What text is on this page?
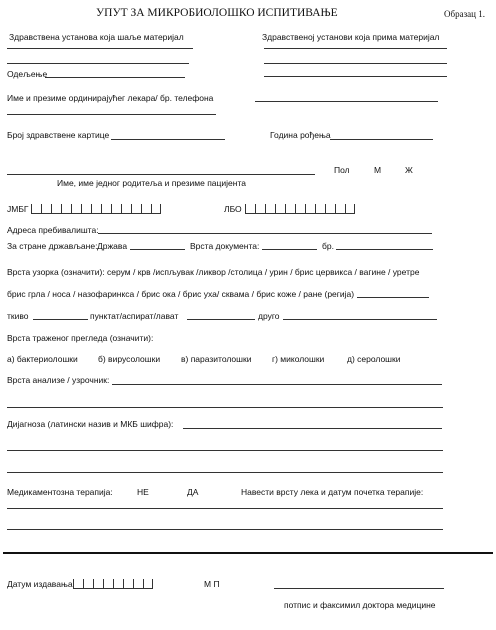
УПУТ ЗА МИКРОБИОЛОШКО ИСПИТИВАЊЕ	Образац 1.
Здравствена установа која шаље материјал	Здравственој установи која прима материјал
Одељење
Име и презиме ординирајућег лекара/ бр. телефона
Број здравствене картице	Година рођења
Име, име једног родитеља и презиме пацијента
Пол	М	Ж
ЈМБГ	ЛБО
Адреса пребивалишта:
За стране држављане: Држава	Врста документа:	бр.
Врста узорка (означити): серум / крв /испљувак /ликвор /столица / урин / брис цервикса / вагине / уретре
брис грла / носа / назофаринкса / брис ока / брис уха/ сквама / брис коже / ране (регија)
ткиво	пунктат/аспират/лават	друго
Врста траженог прегледа (означити):
а) бактериолошки б) вирусолошки в) паразитолошки г) миколошки	д) серолошки
Врста анализе / узрочник:
Дијагноза (латински назив и МКБ шифра):
Медикаментозна терапија:	НЕ	ДА	Навести врсту лека и датум почетка терапије:
Датум издавања	М П
потпис и факсимил доктора медицине
